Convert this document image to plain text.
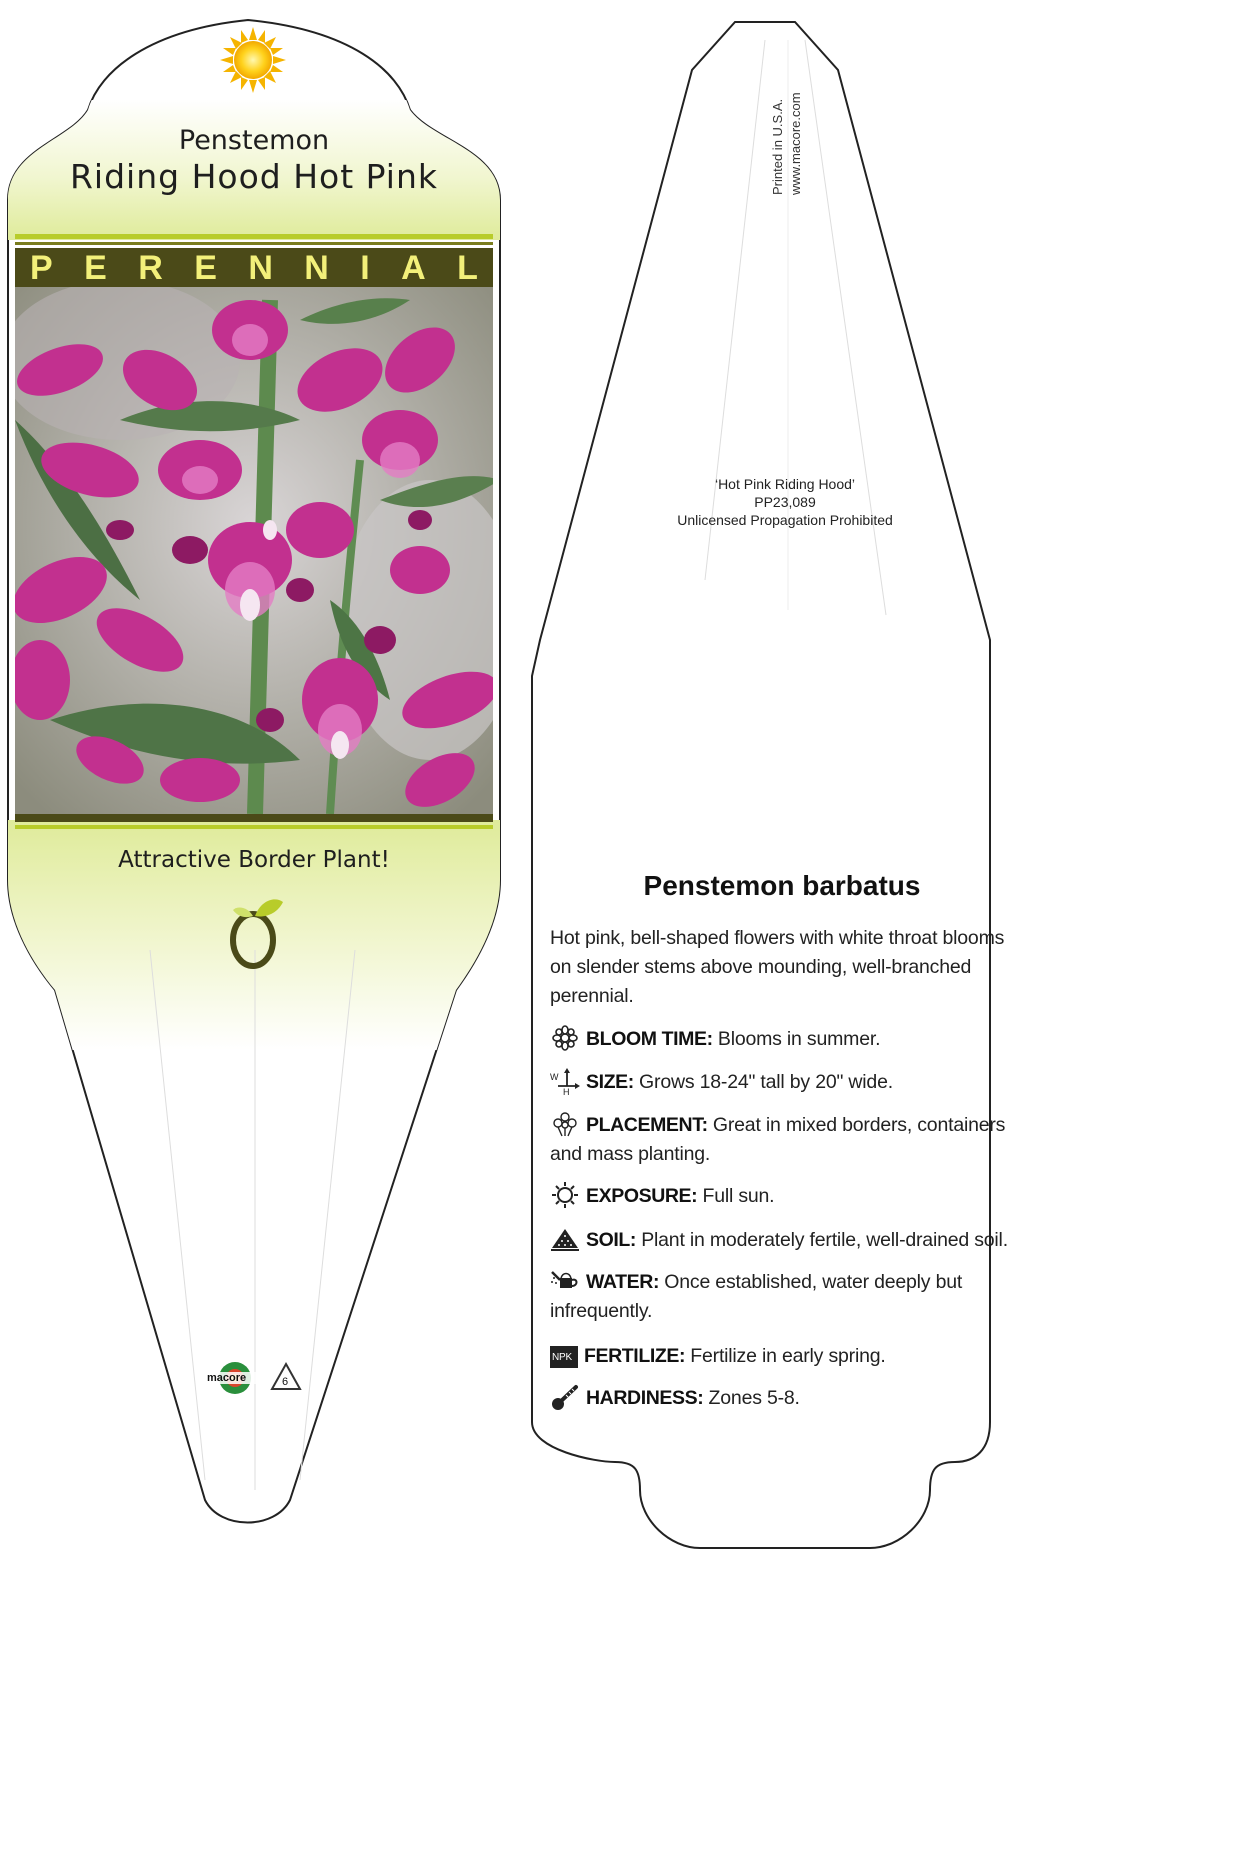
Penstemon
Riding Hood Hot Pink
P E R E N N I A L
Attractive Border Plant!
macore	6
Printed in U.S.A. www.macore.com
‘Hot Pink Riding Hood’
PP23,089
Unlicensed Propagation Prohibited
Penstemon barbatus
Hot pink, bell-shaped flowers with white throat blooms on slender stems above mounding, well-branched perennial.
BLOOM TIME: Blooms in summer.
W
H SIZE: Grows 18-24" tall by 20" wide.
PLACEMENT: Great in mixed borders, containers and mass planting.
EXPOSURE: Full sun.
SOIL: Plant in moderately fertile, well-drained soil.
WATER: Once established, water deeply but infrequently.
NPK FERTILIZE: Fertilize in early spring.
HARDINESS: Zones 5-8.
